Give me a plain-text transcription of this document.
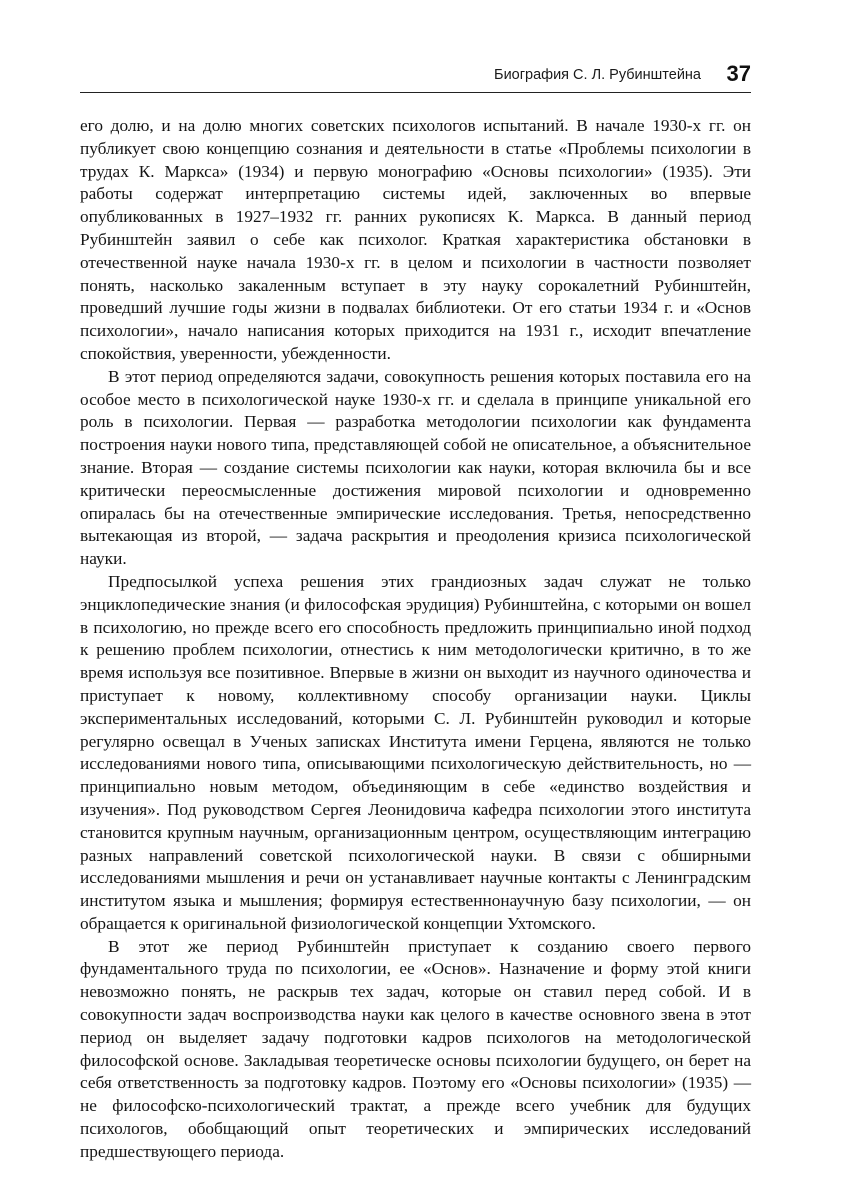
Биография С. Л. Рубинштейна 37

его долю, и на долю многих советских психологов испытаний. В начале 1930-х гг. он публикует свою концепцию сознания и деятельности в статье «Проблемы психологии в трудах К. Маркса» (1934) и первую монографию «Основы психологии» (1935). Эти работы содержат интерпретацию системы идей, заключенных во впервые опубликованных в 1927–1932 гг. ранних рукописях К. Маркса. В данный период Рубинштейн заявил о себе как психолог. Краткая характеристика обстановки в отечественной науке начала 1930-х гг. в целом и психологии в частности позволяет понять, насколько закаленным вступает в эту науку сорокалетний Рубинштейн, проведший лучшие годы жизни в подвалах библиотеки. От его статьи 1934 г. и «Основ психологии», начало написания которых приходится на 1931 г., исходит впечатление спокойствия, уверенности, убежденности.

В этот период определяются задачи, совокупность решения которых поставила его на особое место в психологической науке 1930-х гг. и сделала в принципе уникальной его роль в психологии. Первая — разработка методологии психологии как фундамента построения науки нового типа, представляющей собой не описательное, а объяснительное знание. Вторая — создание системы психологии как науки, которая включила бы и все критически переосмысленные достижения мировой психологии и одновременно опиралась бы на отечественные эмпирические исследования. Третья, непосредственно вытекающая из второй, — задача раскрытия и преодоления кризиса психологической науки.

Предпосылкой успеха решения этих грандиозных задач служат не только энциклопедические знания (и философская эрудиция) Рубинштейна, с которыми он вошел в психологию, но прежде всего его способность предложить принципиально иной подход к решению проблем психологии, отнестись к ним методологически критично, в то же время используя все позитивное. Впервые в жизни он выходит из научного одиночества и приступает к новому, коллективному способу организации науки. Циклы экспериментальных исследований, которыми С. Л. Рубинштейн руководил и которые регулярно освещал в Ученых записках Института имени Герцена, являются не только исследованиями нового типа, описывающими психологическую действительность, но — принципиально новым методом, объединяющим в себе «единство воздействия и изучения». Под руководством Сергея Леонидовича кафедра психологии этого института становится крупным научным, организационным центром, осуществляющим интеграцию разных направлений советской психологической науки. В связи с обширными исследованиями мышления и речи он устанавливает научные контакты с Ленинградским институтом языка и мышления; формируя естественнонаучную базу психологии, — он обращается к оригинальной физиологической концепции Ухтомского.

В этот же период Рубинштейн приступает к созданию своего первого фундаментального труда по психологии, ее «Основ». Назначение и форму этой книги невозможно понять, не раскрыв тех задач, которые он ставил перед собой. И в совокупности задач воспроизводства науки как целого в качестве основного звена в этот период он выделяет задачу подготовки кадров психологов на методологической философской основе. Закладывая теоретическе основы психологии будущего, он берет на себя ответственность за подготовку кадров. Поэтому его «Основы психологии» (1935) — не философско-психологический трактат, а прежде всего учебник для будущих психологов, обобщающий опыт теоретических и эмпирических исследований предшествующего периода.
